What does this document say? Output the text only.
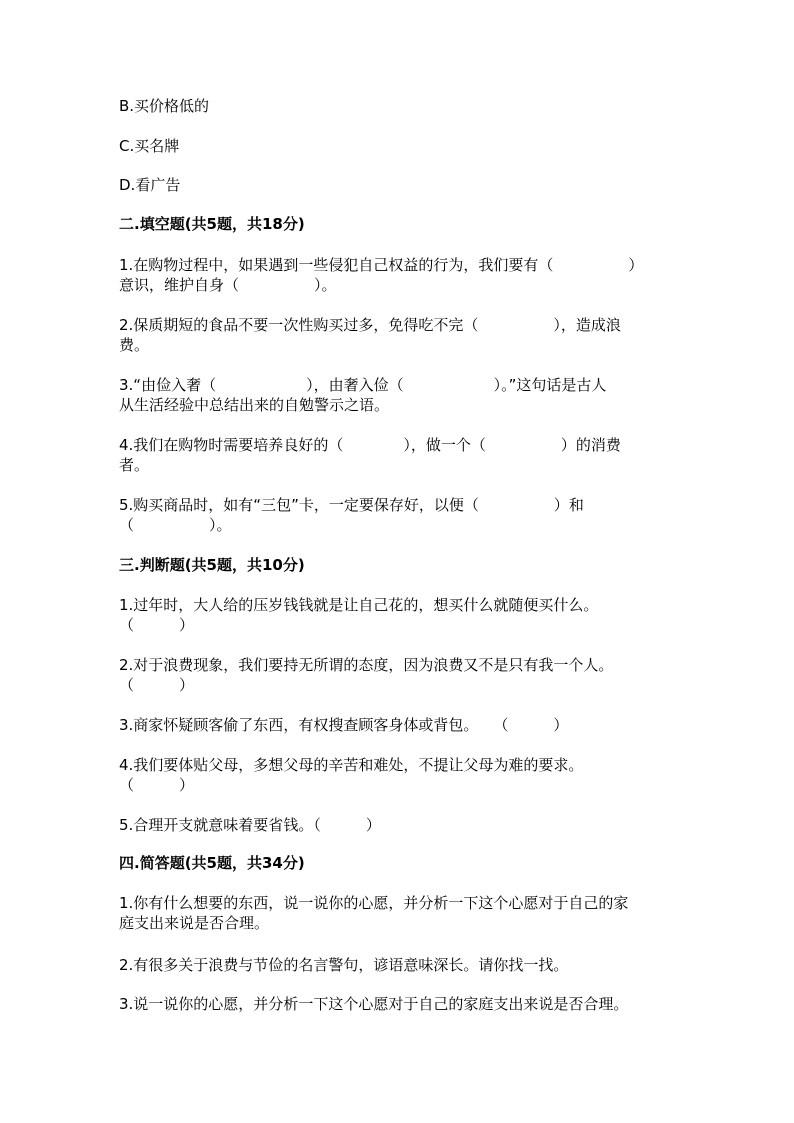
B.买价格低的
C.买名牌
D.看广告
二.填空题(共5题，共18分)
1.在购物过程中，如果遇到一些侵犯自己权益的行为，我们要有（　　　　　）
意识，维护自身（　　　　　）。
2.保质期短的食品不要一次性购买过多，免得吃不完（　　　　　），造成浪
费。
3.“由俭入奢（　　　　　　），由奢入俭（　　　　　　）。”这句话是古人
从生活经验中总结出来的自勉警示之语。
4.我们在购物时需要培养良好的（　　　　），做一个（　　　　　）的消费
者。
5.购买商品时，如有“三包”卡，一定要保存好，以便（　　　　　）和
（　　　　　）。
三.判断题(共5题，共10分)
1.过年时，大人给的压岁钱钱就是让自己花的，想买什么就随便买什么。
（　　　）
2.对于浪费现象，我们要持无所谓的态度，因为浪费又不是只有我一个人。
（　　　）
3.商家怀疑顾客偷了东西，有权搜查顾客身体或背包。　　（　　　）
4.我们要体贴父母，多想父母的辛苦和难处，不提让父母为难的要求。
（　　　）
5.合理开支就意味着要省钱。（　　　）
四.简答题(共5题，共34分)
1.你有什么想要的东西，说一说你的心愿，并分析一下这个心愿对于自己的家
庭支出来说是否合理。
2.有很多关于浪费与节俭的名言警句，谚语意味深长。请你找一找。
3.说一说你的心愿，并分析一下这个心愿对于自己的家庭支出来说是否合理。
